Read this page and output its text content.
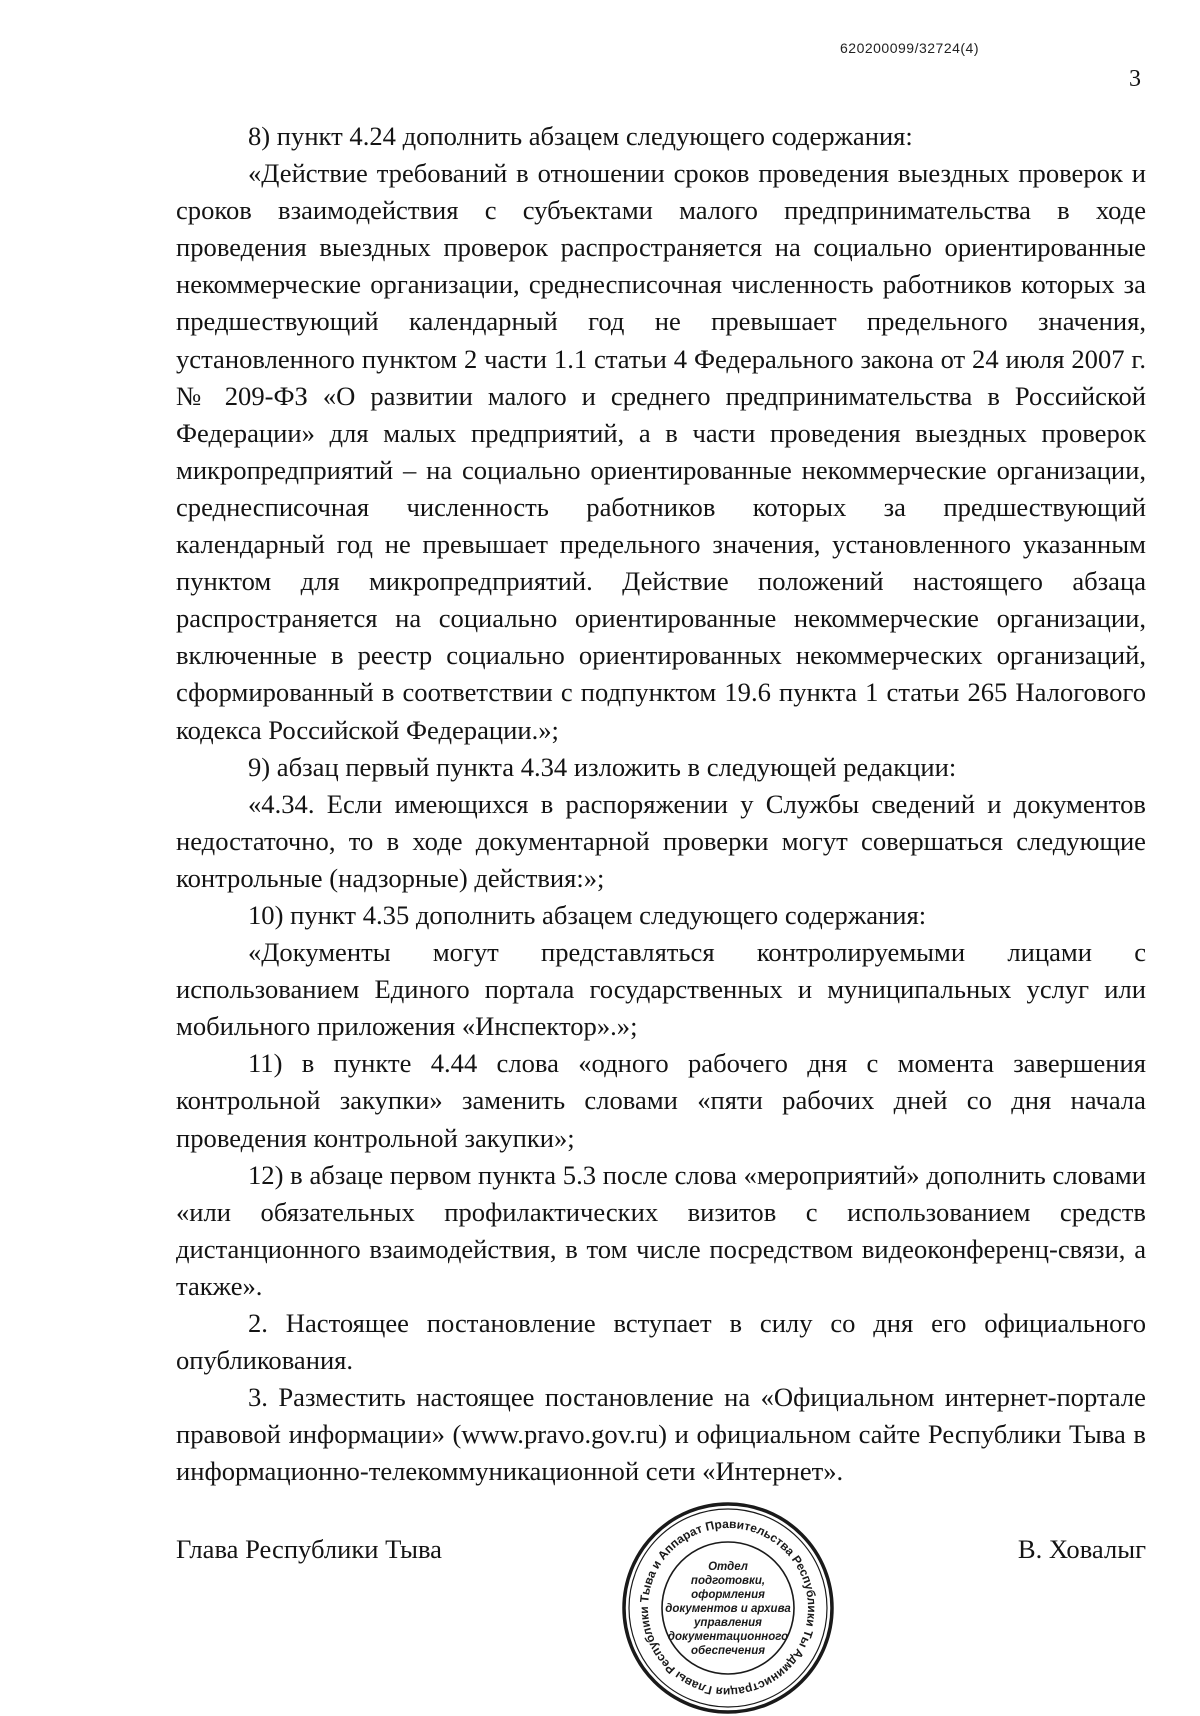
620200099/32724(4)
3

8) пункт 4.24 дополнить абзацем следующего содержания:

«Действие требований в отношении сроков проведения выездных проверок и сроков взаимодействия с субъектами малого предпринимательства в ходе проведения выездных проверок распространяется на социально ориентированные некоммерческие организации, среднесписочная численность работников которых за предшествующий календарный год не превышает предельного значения, установленного пунктом 2 части 1.1 статьи 4 Федерального закона от 24 июля 2007 г. № 209-ФЗ «О развитии малого и среднего предпринимательства в Российской Федерации» для малых предприятий, а в части проведения выездных проверок микропредприятий – на социально ориентированные некоммерческие организации, среднесписочная численность работников которых за предшествующий календарный год не превышает предельного значения, установленного указанным пунктом для микропредприятий. Действие положений настоящего абзаца распространяется на социально ориентированные некоммерческие организации, включенные в реестр социально ориентированных некоммерческих организаций, сформированный в соответствии с подпунктом 19.6 пункта 1 статьи 265 Налогового кодекса Российской Федерации.»;

9) абзац первый пункта 4.34 изложить в следующей редакции:

«4.34. Если имеющихся в распоряжении у Службы сведений и документов недостаточно, то в ходе документарной проверки могут совершаться следующие контрольные (надзорные) действия:»;

10) пункт 4.35 дополнить абзацем следующего содержания:

«Документы могут представляться контролируемыми лицами с использованием Единого портала государственных и муниципальных услуг или мобильного приложения «Инспектор».»;

11) в пункте 4.44 слова «одного рабочего дня с момента завершения контрольной закупки» заменить словами «пяти рабочих дней со дня начала проведения контрольной закупки»;

12) в абзаце первом пункта 5.3 после слова «мероприятий» дополнить словами «или обязательных профилактических визитов с использованием средств дистанционного взаимодействия, в том числе посредством видеоконференц-связи, а также».

2. Настоящее постановление вступает в силу со дня его официального опубликования.

3. Разместить настоящее постановление на «Официальном интернет-портале правовой информации» (www.pravo.gov.ru) и официальном сайте Республики Тыва в информационно-телекоммуникационной сети «Интернет».

Глава Республики Тыва	В. Ховалыг
Администрация Главы Республики Тыва и Аппарат Правительства Республики Тыва
Отдел
подготовки,
оформления
документов и архива
управления
документационного
обеспечения
